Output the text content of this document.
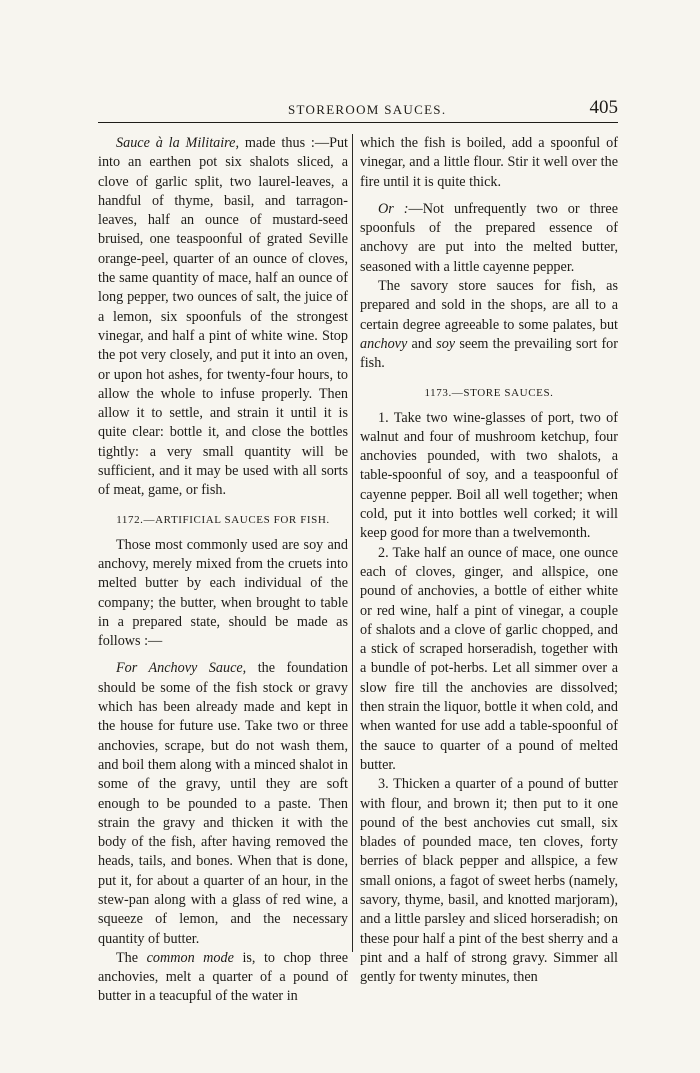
STOREROOM SAUCES.	405

Sauce à la Militaire, made thus :—Put into an earthen pot six shalots sliced, a clove of garlic split, two laurel-leaves, a handful of thyme, basil, and tarragon-leaves, half an ounce of mustard-seed bruised, one teaspoonful of grated Seville orange-peel, quarter of an ounce of cloves, the same quantity of mace, half an ounce of long pepper, two ounces of salt, the juice of a lemon, six spoonfuls of the strongest vinegar, and half a pint of white wine. Stop the pot very closely, and put it into an oven, or upon hot ashes, for twenty-four hours, to allow the whole to infuse properly. Then allow it to settle, and strain it until it is quite clear: bottle it, and close the bottles tightly: a very small quantity will be sufficient, and it may be used with all sorts of meat, game, or fish.

1172.—ARTIFICIAL SAUCES FOR FISH.

Those most commonly used are soy and anchovy, merely mixed from the cruets into melted butter by each individual of the company; the butter, when brought to table in a prepared state, should be made as follows :—

For Anchovy Sauce, the foundation should be some of the fish stock or gravy which has been already made and kept in the house for future use. Take two or three anchovies, scrape, but do not wash them, and boil them along with a minced shalot in some of the gravy, until they are soft enough to be pounded to a paste. Then strain the gravy and thicken it with the body of the fish, after having removed the heads, tails, and bones. When that is done, put it, for about a quarter of an hour, in the stew-pan along with a glass of red wine, a squeeze of lemon, and the necessary quantity of butter.

The common mode is, to chop three anchovies, melt a quarter of a pound of butter in a teacupful of the water in

which the fish is boiled, add a spoonful of vinegar, and a little flour. Stir it well over the fire until it is quite thick.

Or :—Not unfrequently two or three spoonfuls of the prepared essence of anchovy are put into the melted butter, seasoned with a little cayenne pepper.

The savory store sauces for fish, as prepared and sold in the shops, are all to a certain degree agreeable to some palates, but anchovy and soy seem the prevailing sort for fish.

1173.—STORE SAUCES.

1. Take two wine-glasses of port, two of walnut and four of mushroom ketchup, four anchovies pounded, with two shalots, a table-spoonful of soy, and a teaspoonful of cayenne pepper. Boil all well together; when cold, put it into bottles well corked; it will keep good for more than a twelvemonth.

2. Take half an ounce of mace, one ounce each of cloves, ginger, and allspice, one pound of anchovies, a bottle of either white or red wine, half a pint of vinegar, a couple of shalots and a clove of garlic chopped, and a stick of scraped horseradish, together with a bundle of pot-herbs. Let all simmer over a slow fire till the anchovies are dissolved; then strain the liquor, bottle it when cold, and when wanted for use add a table-spoonful of the sauce to quarter of a pound of melted butter.

3. Thicken a quarter of a pound of butter with flour, and brown it; then put to it one pound of the best anchovies cut small, six blades of pounded mace, ten cloves, forty berries of black pepper and allspice, a few small onions, a fagot of sweet herbs (namely, savory, thyme, basil, and knotted marjoram), and a little parsley and sliced horseradish; on these pour half a pint of the best sherry and a pint and a half of strong gravy. Simmer all gently for twenty minutes, then
